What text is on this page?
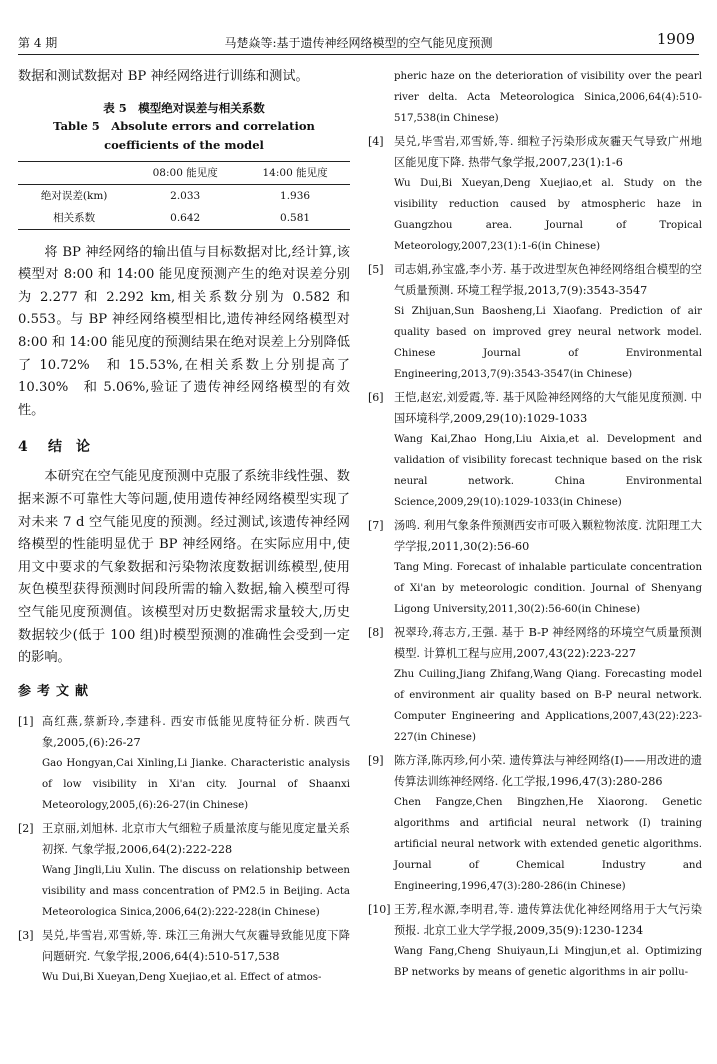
第 4 期	马楚焱等:基于遗传神经网络模型的空气能见度预测	1909

数据和测试数据对 BP 神经网络进行训练和测试。

表 5　模型绝对误差与相关系数
Table 5　Absolute errors and correlation
coefficients of the model
	08:00 能见度	14:00 能见度
绝对误差(km)	2.033	1.936
相关系数	0.642	0.581

将 BP 神经网络的输出值与目标数据对比,经计算,该模型对 8:00 和 14:00 能见度预测产生的绝对误差分别为 2.277 和 2.292 km,相关系数分别为 0.582 和 0.553。与 BP 神经网络模型相比,遗传神经网络模型对 8:00 和 14:00 能见度的预测结果在绝对误差上分别降低了 10.72%　和 15.53%,在相关系数上分别提高了 10.30%　和 5.06%,验证了遗传神经网络模型的有效性。

4 结　论

本研究在空气能见度预测中克服了系统非线性强、数据来源不可靠性大等问题,使用遗传神经网络模型实现了对未来 7 d 空气能见度的预测。经过测试,该遗传神经网络模型的性能明显优于 BP 神经网络。在实际应用中,使用文中要求的气象数据和污染物浓度数据训练模型,使用灰色模型获得预测时间段所需的输入数据,输入模型可得空气能见度预测值。该模型对历史数据需求量较大,历史数据较少(低于 100 组)时模型预测的准确性会受到一定的影响。

参考文献
[1] 高红燕,蔡新玲,李建科. 西安市低能见度特征分析. 陕西气象,2005,(6):26-27
Gao Hongyan,Cai Xinling,Li Jianke. Characteristic analysis of low visibility in Xi'an city. Journal of Shaanxi Meteorology,2005,(6):26-27(in Chinese)
[2] 王京丽,刘旭林. 北京市大气细粒子质量浓度与能见度定量关系初探. 气象学报,2006,64(2):222-228
Wang Jingli,Liu Xulin. The discuss on relationship between visibility and mass concentration of PM2.5 in Beijing. Acta Meteorologica Sinica,2006,64(2):222-228(in Chinese)
[3] 吴兑,毕雪岩,邓雪娇,等. 珠江三角洲大气灰霾导致能见度下降问题研究. 气象学报,2006,64(4):510-517,538
Wu Dui,Bi Xueyan,Deng Xuejiao,et al. Effect of atmos-
pheric haze on the deterioration of visibility over the pearl river delta. Acta Meteorologica Sinica,2006,64(4):510-517,538(in Chinese)
[4] 吴兑,毕雪岩,邓雪娇,等. 细粒子污染形成灰霾天气导致广州地区能见度下降. 热带气象学报,2007,23(1):1-6
Wu Dui,Bi Xueyan,Deng Xuejiao,et al. Study on the visibility reduction caused by atmospheric haze in Guangzhou area. Journal of Tropical Meteorology,2007,23(1):1-6(in Chinese)
[5] 司志娟,孙宝盛,李小芳. 基于改进型灰色神经网络组合模型的空气质量预测. 环境工程学报,2013,7(9):3543-3547
Si Zhijuan,Sun Baosheng,Li Xiaofang. Prediction of air quality based on improved grey neural network model. Chinese Journal of Environmental Engineering,2013,7(9):3543-3547(in Chinese)
[6] 王恺,赵宏,刘爱霞,等. 基于风险神经网络的大气能见度预测. 中国环境科学,2009,29(10):1029-1033
Wang Kai,Zhao Hong,Liu Aixia,et al. Development and validation of visibility forecast technique based on the risk neural network. China Environmental Science,2009,29(10):1029-1033(in Chinese)
[7] 汤鸣. 利用气象条件预测西安市可吸入颗粒物浓度. 沈阳理工大学学报,2011,30(2):56-60
Tang Ming. Forecast of inhalable particulate concentration of Xi'an by meteorologic condition. Journal of Shenyang Ligong University,2011,30(2):56-60(in Chinese)
[8] 祝翠玲,蒋志方,王强. 基于 B-P 神经网络的环境空气质量预测模型. 计算机工程与应用,2007,43(22):223-227
Zhu Cuiling,Jiang Zhifang,Wang Qiang. Forecasting model of environment air quality based on B-P neural network. Computer Engineering and Applications,2007,43(22):223-227(in Chinese)
[9] 陈方泽,陈丙珍,何小荣. 遗传算法与神经网络(I)——用改进的遗传算法训练神经网络. 化工学报,1996,47(3):280-286
Chen Fangze,Chen Bingzhen,He Xiaorong. Genetic algorithms and artificial neural network (I) training artificial neural network with extended genetic algorithms. Journal of Chemical Industry and Engineering,1996,47(3):280-286(in Chinese)
[10] 王芳,程水源,李明君,等. 遗传算法优化神经网络用于大气污染预报. 北京工业大学学报,2009,35(9):1230-1234
Wang Fang,Cheng Shuiyaun,Li Mingjun,et al. Optimizing BP networks by means of genetic algorithms in air pollu-
